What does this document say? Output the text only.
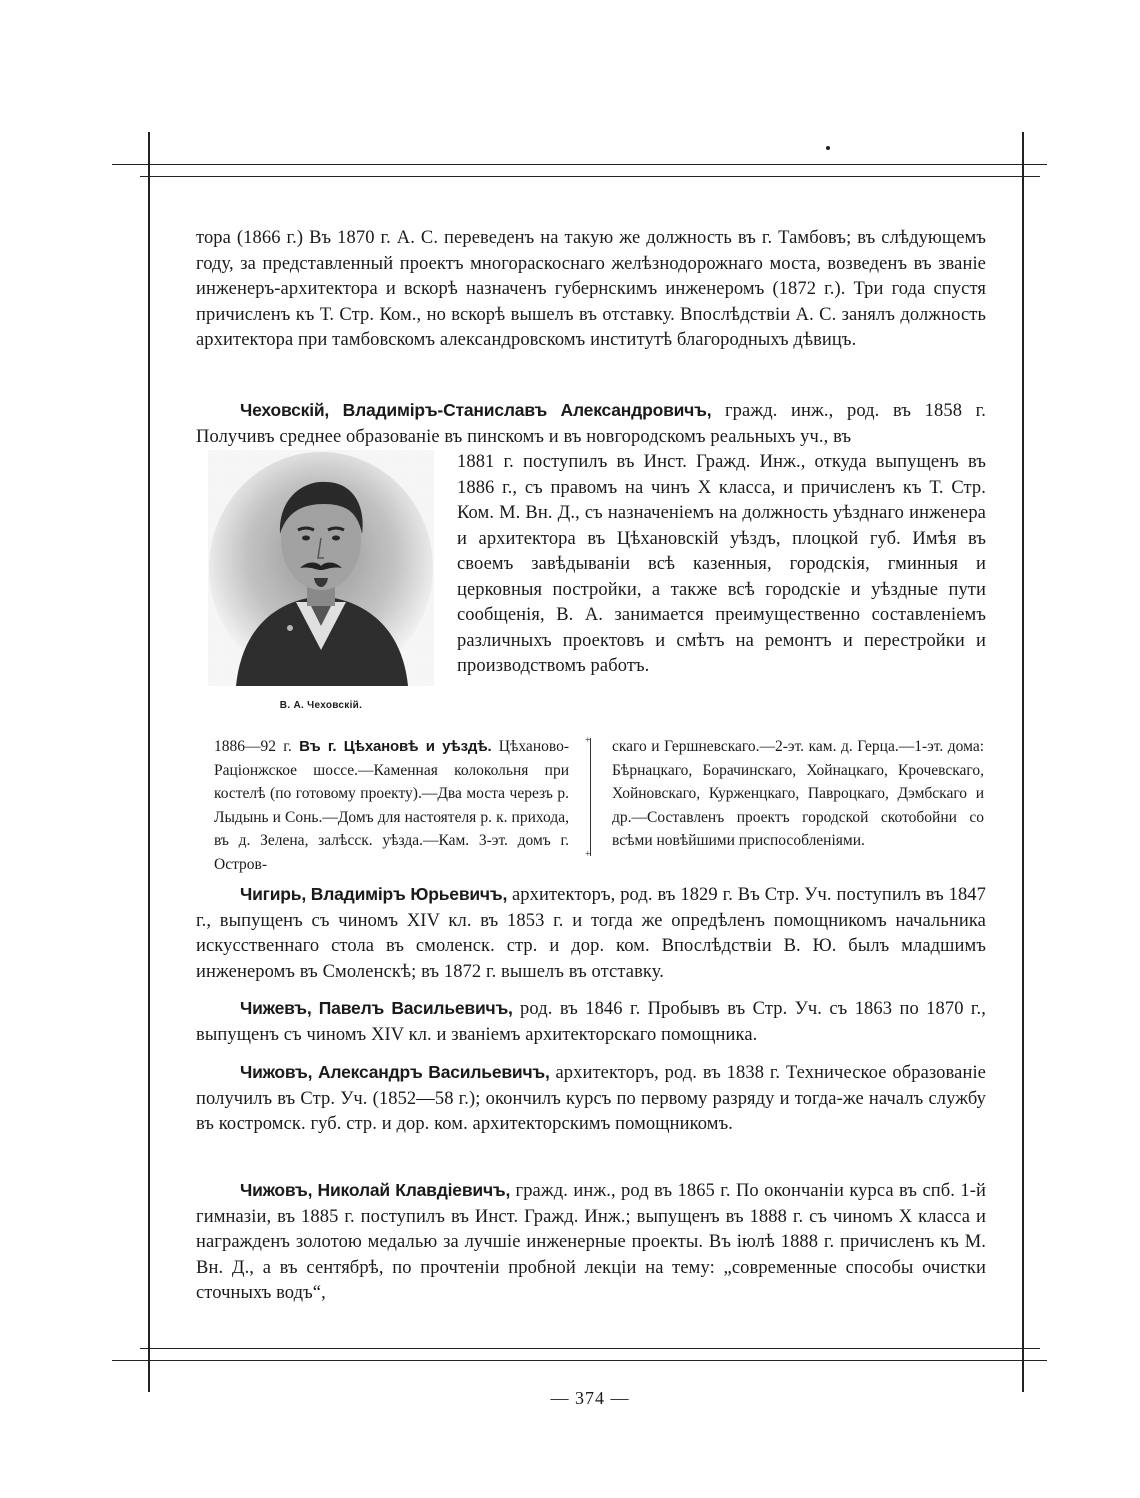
тора (1866 г.) Въ 1870 г. А. С. переведенъ на такую же должность въ г. Тамбовъ; въ слѣдующемъ году, за представленный проектъ многораскоснаго желѣзнодорожнаго моста, возведенъ въ званіе инженеръ-архитектора и вскорѣ назначенъ губернскимъ инженеромъ (1872 г.). Три года спустя причисленъ къ Т. Стр. Ком., но вскорѣ вышелъ въ отставку. Впослѣдствіи А. С. занялъ должность архитектора при тамбовскомъ александровскомъ институтѣ благородныхъ дѣвицъ.
Чеховскій, Владиміръ-Станиславъ Александровичъ, гражд. инж., род. въ 1858 г. Получивъ среднее образованіе въ пинскомъ и въ новгородскомъ реальныхъ уч., въ
В. А. Чеховскій.
1881 г. поступилъ въ Инст. Гражд. Инж., откуда выпущенъ въ 1886 г., съ правомъ на чинъ X класса, и причисленъ къ Т. Стр. Ком. М. Вн. Д., съ назначеніемъ на должность уѣзднаго инженера и архитектора въ Цѣхановскій уѣздъ, плоцкой губ. Имѣя въ своемъ завѣдываніи всѣ казенныя, городскія, гминныя и церковныя постройки, а также всѣ городскіе и уѣздные пути сообщенія, В. А. занимается преимущественно составленіемъ различныхъ проектовъ и смѣтъ на ремонтъ и перестройки и производствомъ работъ.
1886—92 г. Въ г. Цѣхановѣ и уѣздѣ. Цѣханово-Раціонжское шоссе.—Каменная колокольня при костелѣ (по готовому проекту).—Два моста черезъ р. Лыдынь и Сонь.—Домъ для настоятеля р. к. прихода, въ д. Зелена, залѣсск. уѣзда.—Кам. 3-эт. домъ г. Остров-
+
+
скаго и Гершневскаго.—2-эт. кам. д. Герца.—1-эт. дома: Бѣрнацкаго, Борачинскаго, Хойнацкаго, Крочевскаго, Хойновскаго, Курженцкаго, Павроцкаго, Дэмбскаго и др.—Составленъ проектъ городской скотобойни со всѣми новѣйшими приспособленіями.
Чигирь, Владиміръ Юрьевичъ, архитекторъ, род. въ 1829 г. Въ Стр. Уч. поступилъ въ 1847 г., выпущенъ съ чиномъ XIV кл. въ 1853 г. и тогда же опредѣленъ помощникомъ начальника искусственнаго стола въ смоленск. стр. и дор. ком. Впослѣдствіи В. Ю. былъ младшимъ инженеромъ въ Смоленскѣ; въ 1872 г. вышелъ въ отставку.
Чижевъ, Павелъ Васильевичъ, род. въ 1846 г. Пробывъ въ Стр. Уч. съ 1863 по 1870 г., выпущенъ съ чиномъ XIV кл. и званіемъ архитекторскаго помощника.
Чижовъ, Александръ Васильевичъ, архитекторъ, род. въ 1838 г. Техническое образованіе получилъ въ Стр. Уч. (1852—58 г.); окончилъ курсъ по первому разряду и тогда-же началъ службу въ костромск. губ. стр. и дор. ком. архитекторскимъ помощникомъ.
Чижовъ, Николай Клавдіевичъ, гражд. инж., род въ 1865 г. По окончаніи курса въ спб. 1-й гимназіи, въ 1885 г. поступилъ въ Инст. Гражд. Инж.; выпущенъ въ 1888 г. съ чиномъ X класса и награжденъ золотою медалью за лучшіе инженерные проекты. Въ іюлѣ 1888 г. причисленъ къ М. Вн. Д., а въ сентябрѣ, по прочтеніи пробной лекціи на тему: „современные способы очистки сточныхъ водъ“,
— 374 —
